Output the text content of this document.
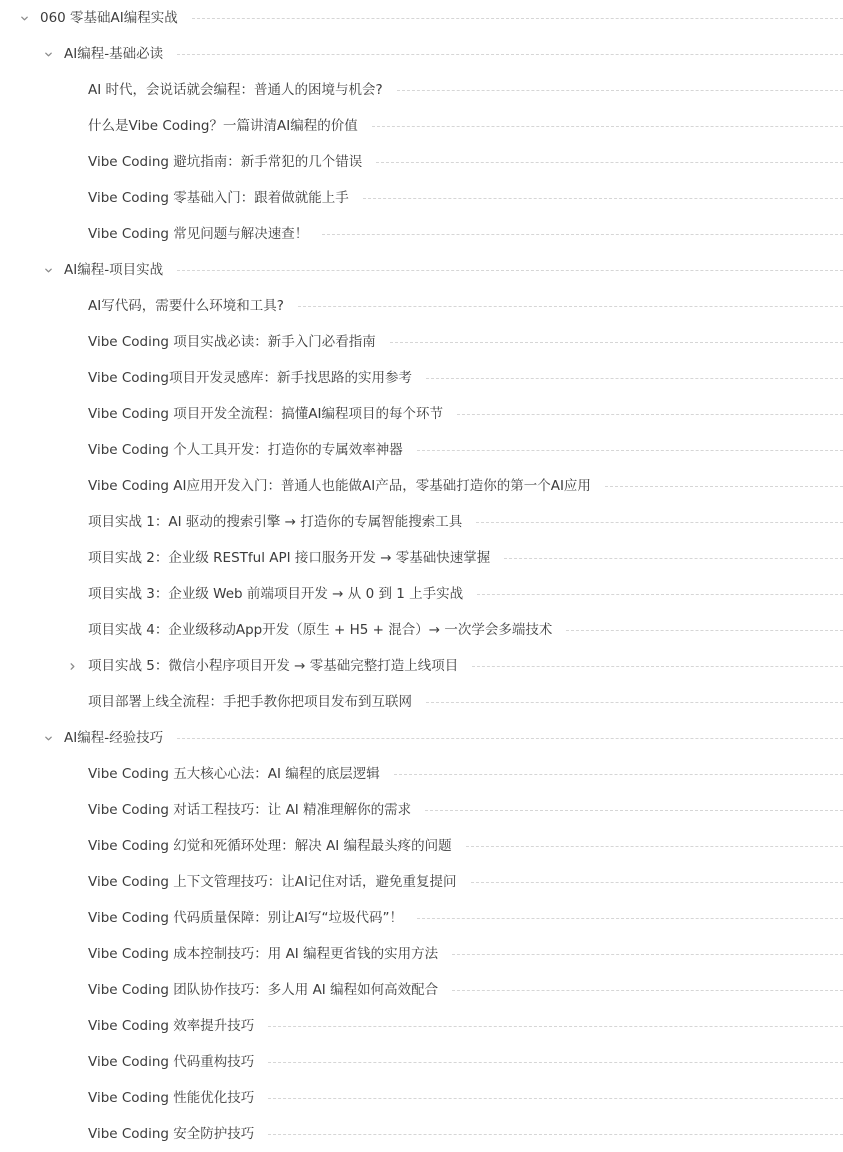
060 零基础AI编程实战
AI编程-基础必读
AI 时代，会说话就会编程：普通人的困境与机会?
什么是Vibe Coding？一篇讲清AI编程的价值
Vibe Coding 避坑指南：新手常犯的几个错误
Vibe Coding 零基础入门：跟着做就能上手
Vibe Coding 常见问题与解决速查！
AI编程-项目实战
AI写代码，需要什么环境和工具?
Vibe Coding 项目实战必读：新手入门必看指南
Vibe Coding项目开发灵感库：新手找思路的实用参考
Vibe Coding 项目开发全流程：搞懂AI编程项目的每个环节
Vibe Coding 个人工具开发：打造你的专属效率神器
Vibe Coding AI应用开发入门：普通人也能做AI产品，零基础打造你的第一个AI应用
项目实战 1：AI 驱动的搜索引擎 → 打造你的专属智能搜索工具
项目实战 2：企业级 RESTful API 接口服务开发 → 零基础快速掌握
项目实战 3：企业级 Web 前端项目开发 → 从 0 到 1 上手实战
项目实战 4：企业级移动App开发（原生 + H5 + 混合）→ 一次学会多端技术
项目实战 5：微信小程序项目开发 → 零基础完整打造上线项目
项目部署上线全流程：手把手教你把项目发布到互联网
AI编程-经验技巧
Vibe Coding 五大核心心法：AI 编程的底层逻辑
Vibe Coding 对话工程技巧：让 AI 精准理解你的需求
Vibe Coding 幻觉和死循环处理：解决 AI 编程最头疼的问题
Vibe Coding 上下文管理技巧：让AI记住对话，避免重复提问
Vibe Coding 代码质量保障：别让AI写“垃圾代码”！
Vibe Coding 成本控制技巧：用 AI 编程更省钱的实用方法
Vibe Coding 团队协作技巧：多人用 AI 编程如何高效配合
Vibe Coding 效率提升技巧
Vibe Coding 代码重构技巧
Vibe Coding 性能优化技巧
Vibe Coding 安全防护技巧
